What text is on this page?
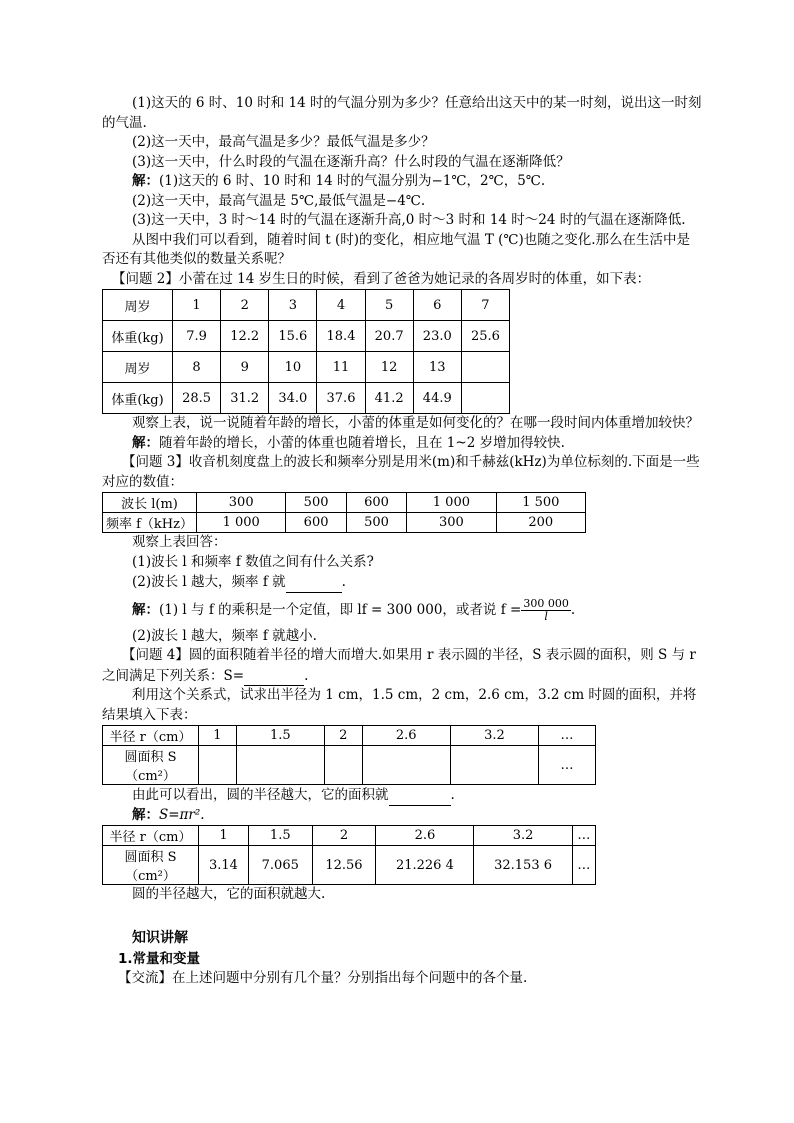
(1)这天的 6 时、10 时和 14 时的气温分别为多少？任意给出这天中的某一时刻，说出这一时刻的气温.

(2)这一天中，最高气温是多少？最低气温是多少？

(3)这一天中，什么时段的气温在逐渐升高？什么时段的气温在逐渐降低？

解：(1)这天的 6 时、10 时和 14 时的气温分别为−1℃，2℃，5℃.

(2)这一天中，最高气温是 5℃,最低气温是−4℃.

(3)这一天中，3 时～14 时的气温在逐渐升高,0 时～3 时和 14 时～24 时的气温在逐渐降低.

从图中我们可以看到，随着时间 t (时)的变化，相应地气温 T (℃)也随之变化.那么在生活中是否还有其他类似的数量关系呢？

【问题 2】小蕾在过 14 岁生日的时候，看到了爸爸为她记录的各周岁时的体重，如下表：

周岁	1	2	3	4	5	6	7
体重(kg)	7.9	12.2	15.6	18.4	20.7	23.0	25.6
周岁	8	9	10	11	12	13	
体重(kg)	28.5	31.2	34.0	37.6	41.2	44.9	

观察上表，说一说随着年龄的增长，小蕾的体重是如何变化的？在哪一段时间内体重增加较快？

解：随着年龄的增长，小蕾的体重也随着增长，且在 1~2 岁增加得较快.

【问题 3】收音机刻度盘上的波长和频率分别是用米(m)和千赫兹(kHz)为单位标刻的.下面是一些对应的数值：

波长 l(m)	300	500	600	1 000	1 500
频率 f（kHz）	1 000	600	500	300	200

观察上表回答：

(1)波长 l 和频率 f 数值之间有什么关系?

(2)波长 l 越大，频率 f 就	.

解：(1) l 与 f 的乘积是一个定值，即 lf = 300 000，或者说 $f = \frac{300 000}{l}$ .

(2)波长 l 越大，频率 f 就越小.

【问题 4】圆的面积随着半径的增大而增大.如果用 r 表示圆的半径，S 表示圆的面积，则 S 与 r 之间满足下列关系：S=	.

利用这个关系式，试求出半径为 1 cm，1.5 cm，2 cm，2.6 cm，3.2 cm 时圆的面积，并将结果填入下表：

半径 r（cm）	1	1.5	2	2.6	3.2	…
圆面积 S（cm²）						…

由此可以看出，圆的半径越大，它的面积就	.

解：S=πr².

半径 r（cm）	1	1.5	2	2.6	3.2	…
圆面积 S（cm²）	3.14	7.065	12.56	21.226 4	32.153 6	…

圆的半径越大，它的面积就越大.

知识讲解

1.常量和变量

【交流】在上述问题中分别有几个量？分别指出每个问题中的各个量.
